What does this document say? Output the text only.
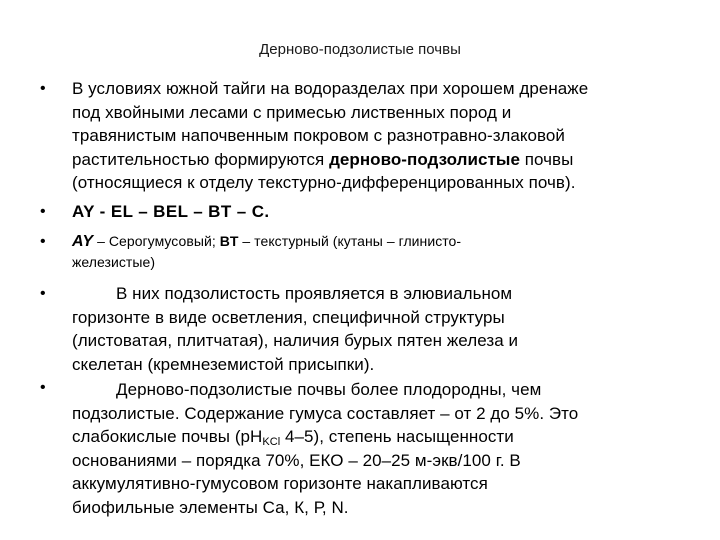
Дерново-подзолистые почвы
• В условиях южной тайги на водоразделах при хорошем дренаже
под хвойными лесами с примесью лиственных пород и
травянистым напочвенным покровом с разнотравно-злаковой
растительностью формируются дерново-подзолистые почвы
(относящиеся к отделу текстурно-дифференцированных почв).
• AY - EL – BEL – BT – C.
• AY – Серогумусовый; BT – текстурный (кутаны – глинисто-
железистые)
•	В них подзолистость проявляется в элювиальном
горизонте в виде осветления, специфичной структуры
(листоватая, плитчатая), наличия бурых пятен железа и
скелетан (кремнеземистой присыпки).
•	Дерново-подзолистые почвы более плодородны, чем
подзолистые. Содержание гумуса составляет – от 2 до 5%. Это
слабокислые почвы ($рН_{KCl}$ 4–5), степень насыщенности
основаниями – порядка 70%, ЕКО – 20–25 м-экв/100 г. В
аккумулятивно-гумусовом горизонте накапливаются
биофильные элементы Са, К, Р, N.
